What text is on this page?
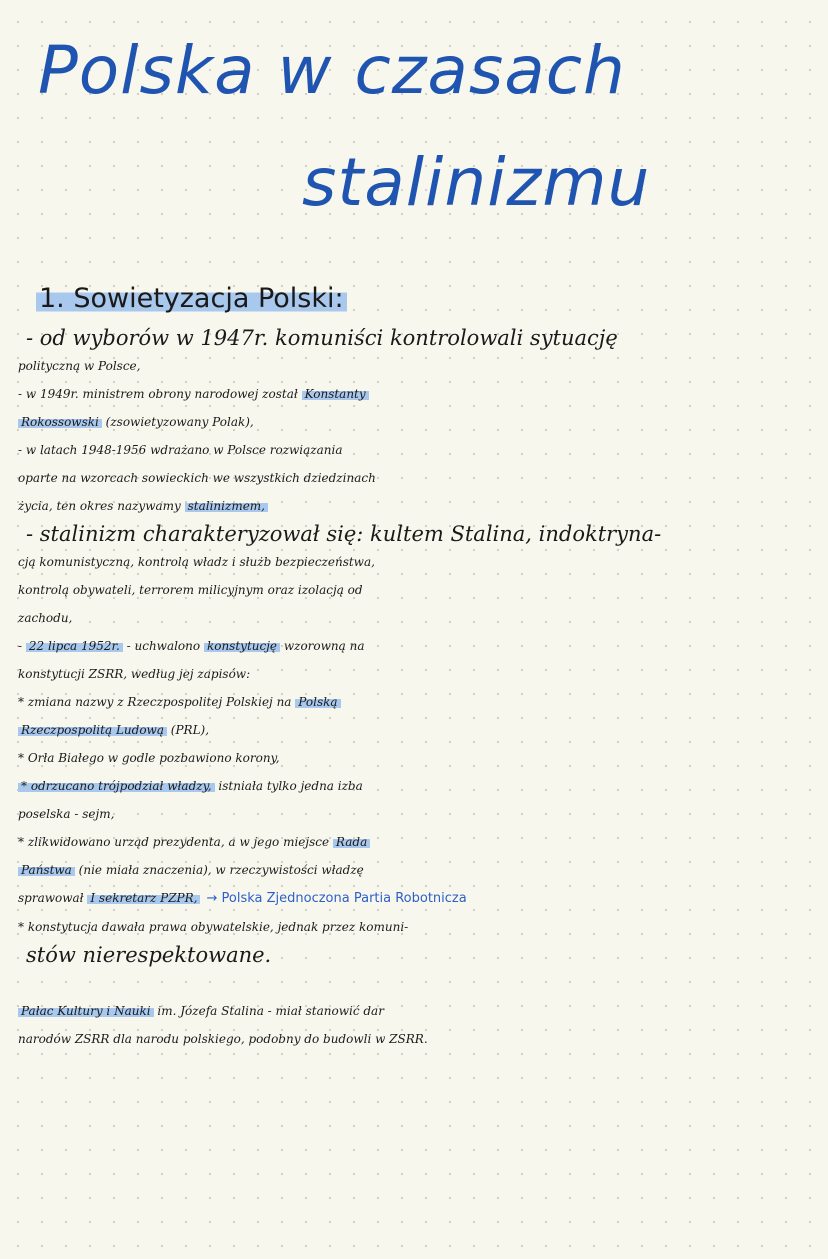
Polska w czasach
stalinizmu
1. Sowietyzacja Polski:
- od wyborów w 1947r. komuniści kontrolowali sytuację
polityczną w Polsce,
- w 1949r. ministrem obrony narodowej został Konstanty
Rokossowski (zsowietyzowany Polak),
- w latach 1948-1956 wdrażano w Polsce rozwiązania
oparte na wzorcach sowieckich we wszystkich dziedzinach
życia, ten okres nazywamy stalinizmem,
- stalinizm charakteryzował się: kultem Stalina, indoktryna-
cją komunistyczną, kontrolą władz i służb bezpieczeństwa,
kontrolą obywateli, terrorem milicyjnym oraz izolacją od
zachodu,
- 22 lipca 1952r. - uchwalono konstytucję wzorowną na
konstytucji ZSRR, według jej zapisów:
* zmiana nazwy z Rzeczpospolitej Polskiej na Polską
Rzeczpospolitą Ludową (PRL),
* Orła Białego w godle pozbawiono korony,
* odrzucano trójpodział władzy, istniała tylko jedna izba
poselska - sejm,
* zlikwidowano urząd prezydenta, a w jego miejsce Rada
Państwa (nie miała znaczenia), w rzeczywistości władzę
sprawował I sekretarz PZPR, → Polska Zjednoczona Partia Robotnicza
* konstytucja dawała prawa obywatelskie, jednak przez komuni-
stów nierespektowane.
Pałac Kultury i Nauki im. Józefa Stalina - miał stanowić dar
narodów ZSRR dla narodu polskiego, podobny do budowli w ZSRR.
